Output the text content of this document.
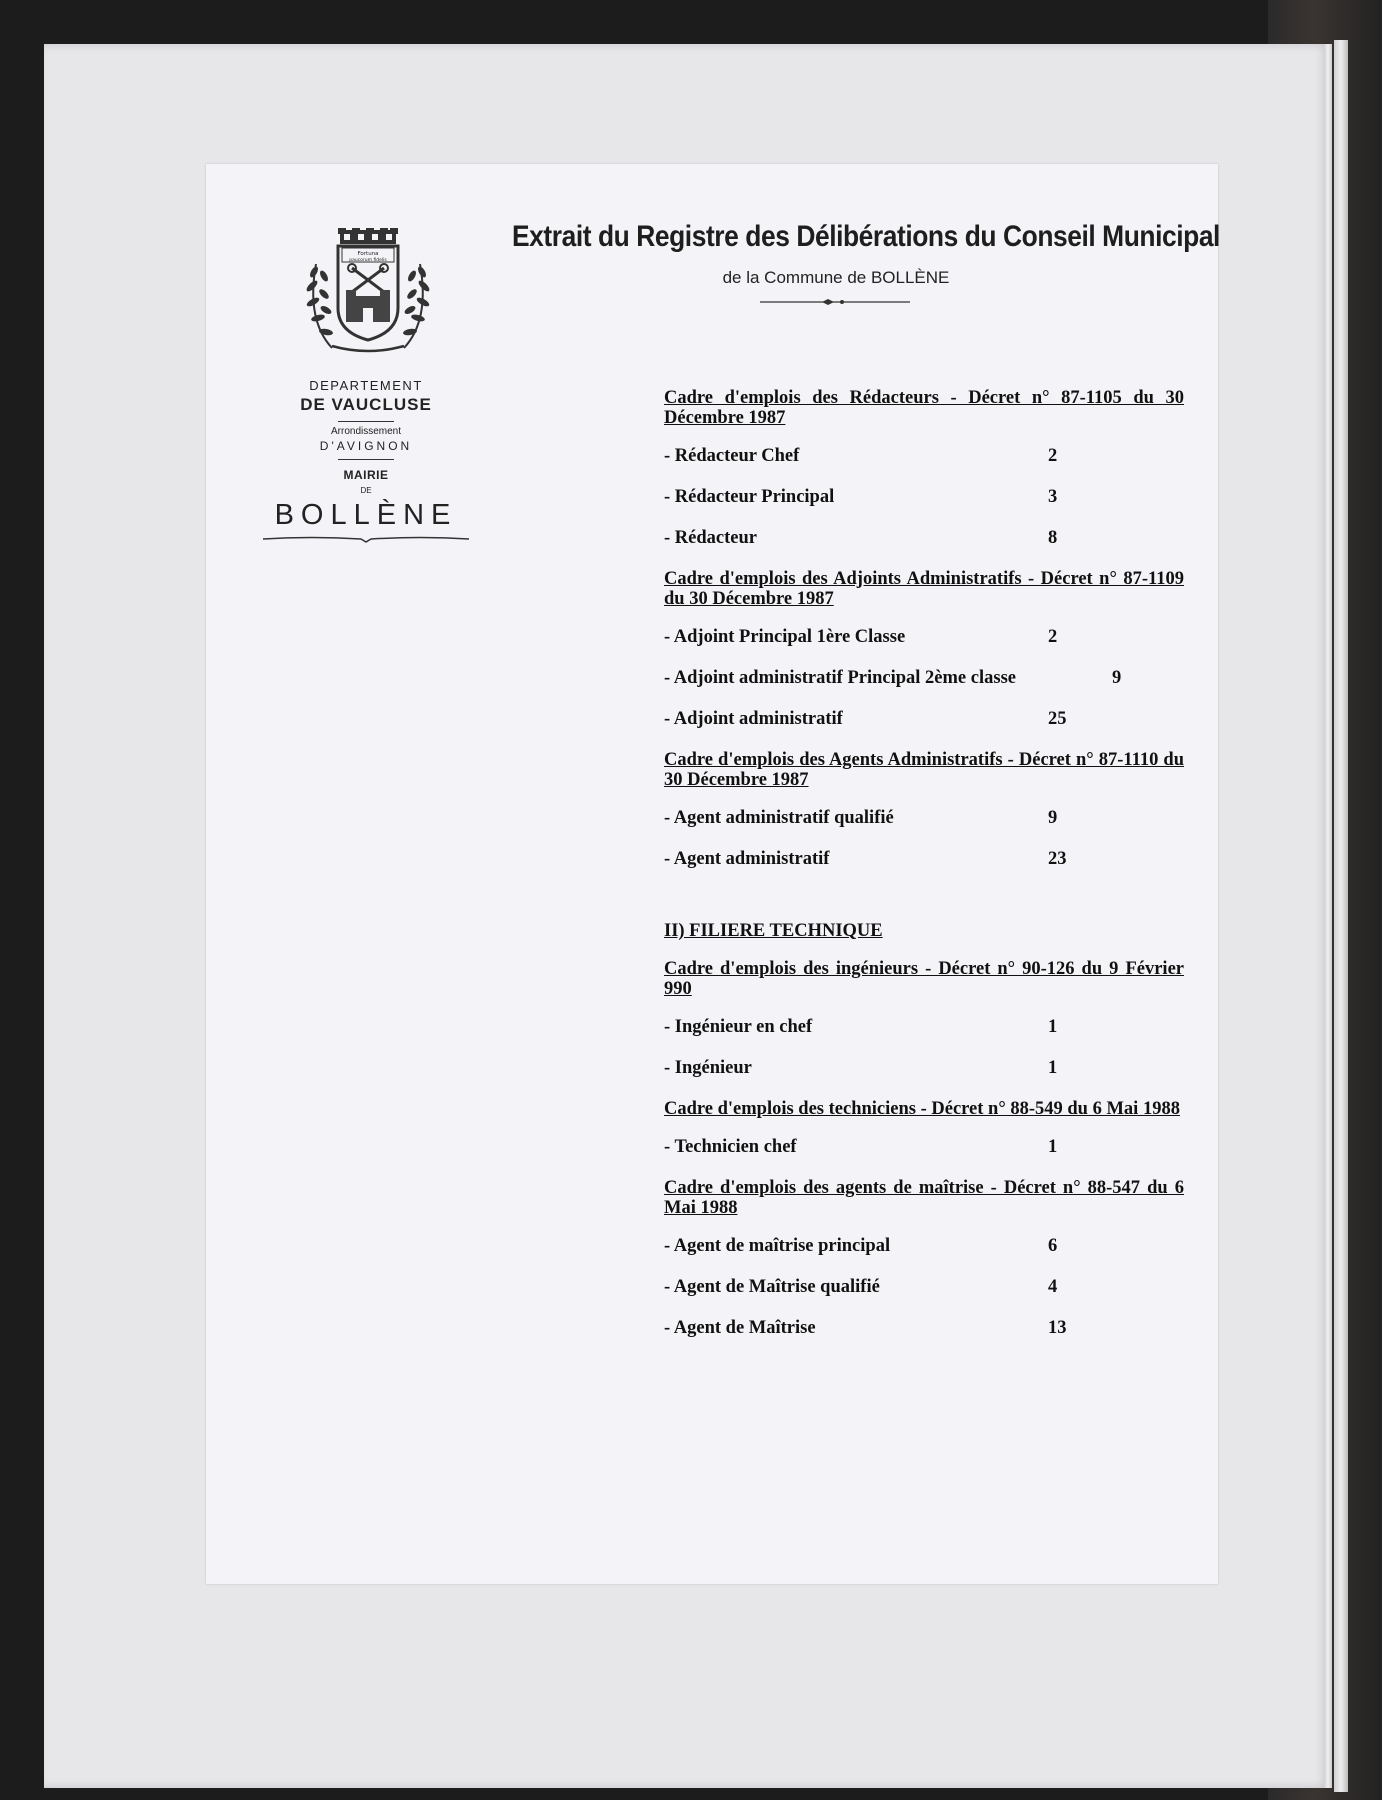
Fortuna
paucorum fidelis
DEPARTEMENT
DE VAUCLUSE
Arrondissement
D'AVIGNON
MAIRIE
DE
BOLLÈNE
Extrait du Registre des Délibérations du Conseil Municipal
de la Commune de BOLLÈNE
Cadre d'emplois des Rédacteurs - Décret n° 87-1105 du 30 Décembre 1987
- Rédacteur Chef	2
- Rédacteur Principal	3
- Rédacteur	8
Cadre d'emplois des Adjoints Administratifs - Décret n° 87-1109 du 30 Décembre 1987
- Adjoint Principal 1ère Classe	2
- Adjoint administratif Principal 2ème classe	9
- Adjoint administratif	25
Cadre d'emplois des Agents Administratifs - Décret n° 87-1110 du 30 Décembre 1987
- Agent administratif qualifié	9
- Agent administratif	23
II) FILIERE TECHNIQUE
Cadre d'emplois des ingénieurs - Décret n° 90-126 du 9 Février 990
- Ingénieur en chef	1
- Ingénieur	1
Cadre d'emplois des techniciens - Décret n° 88-549 du 6 Mai 1988
- Technicien chef	1
Cadre d'emplois des agents de maîtrise - Décret n° 88-547 du 6 Mai 1988
- Agent de maîtrise principal	6
- Agent de Maîtrise qualifié	4
- Agent de Maîtrise	13
